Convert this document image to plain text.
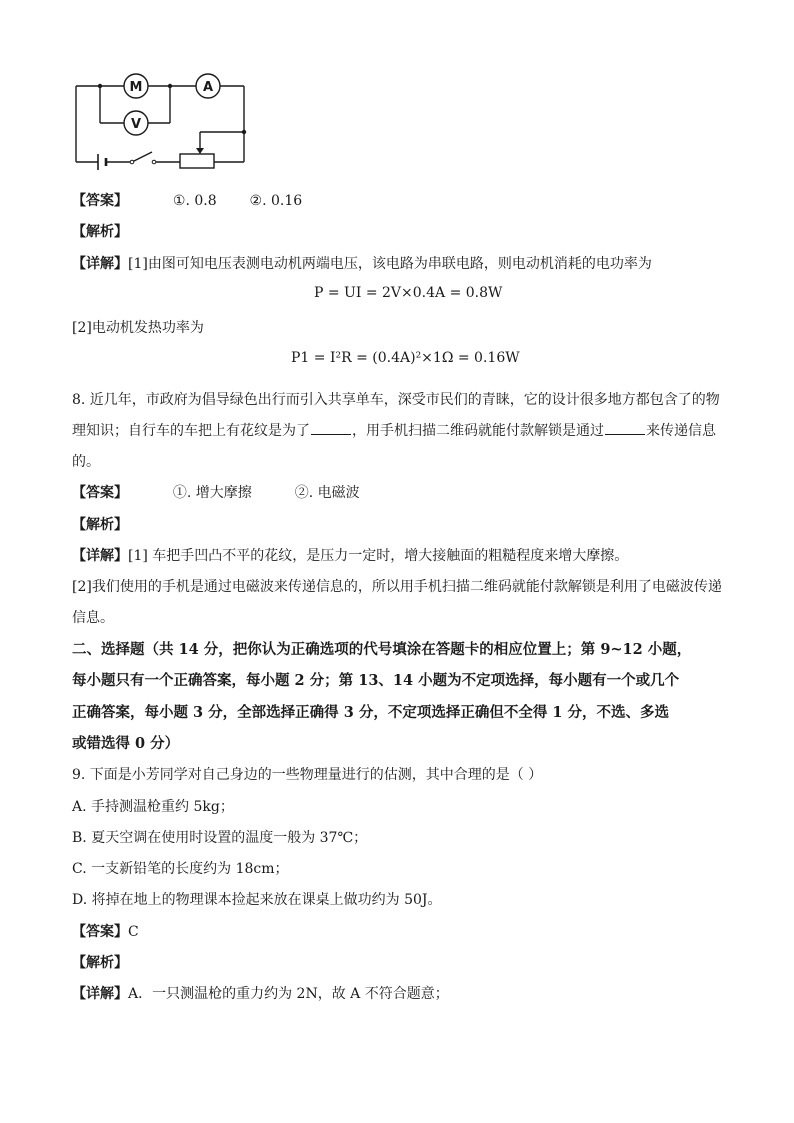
M	A
V
【答案】	①. 0.8 ②. 0.16
【解析】
【详解】[1]由图可知电压表测电动机两端电压，该电路为串联电路，则电动机消耗的电功率为
P = UI = 2V×0.4A = 0.8W
[2]电动机发热功率为
P1 = I²R = (0.4A)²×1Ω = 0.16W
8. 近几年，市政府为倡导绿色出行而引入共享单车，深受市民们的青睐，它的设计很多地方都包含了的物
理知识；自行车的车把上有花纹是为了	，用手机扫描二维码就能付款解锁是通过	来传递信息
的。
【答案】	①. 增大摩擦	②. 电磁波
【解析】
【详解】[1] 车把手凹凸不平的花纹，是压力一定时，增大接触面的粗糙程度来增大摩擦。
[2]我们使用的手机是通过电磁波来传递信息的，所以用手机扫描二维码就能付款解锁是利用了电磁波传递
信息。
二、选择题（共 14 分，把你认为正确选项的代号填涂在答题卡的相应位置上；第 9~12 小题，
每小题只有一个正确答案，每小题 2 分；第 13、14 小题为不定项选择，每小题有一个或几个
正确答案，每小题 3 分，全部选择正确得 3 分，不定项选择正确但不全得 1 分，不选、多选
或错选得 0 分）
9. 下面是小芳同学对自己身边的一些物理量进行的估测，其中合理的是（ ）
A. 手持测温枪重约 5kg；
B. 夏天空调在使用时设置的温度一般为 37℃；
C. 一支新铅笔的长度约为 18cm；
D. 将掉在地上的物理课本捡起来放在课桌上做功约为 50J。
【答案】C
【解析】
【详解】A．一只测温枪的重力约为 2N，故 A 不符合题意；
